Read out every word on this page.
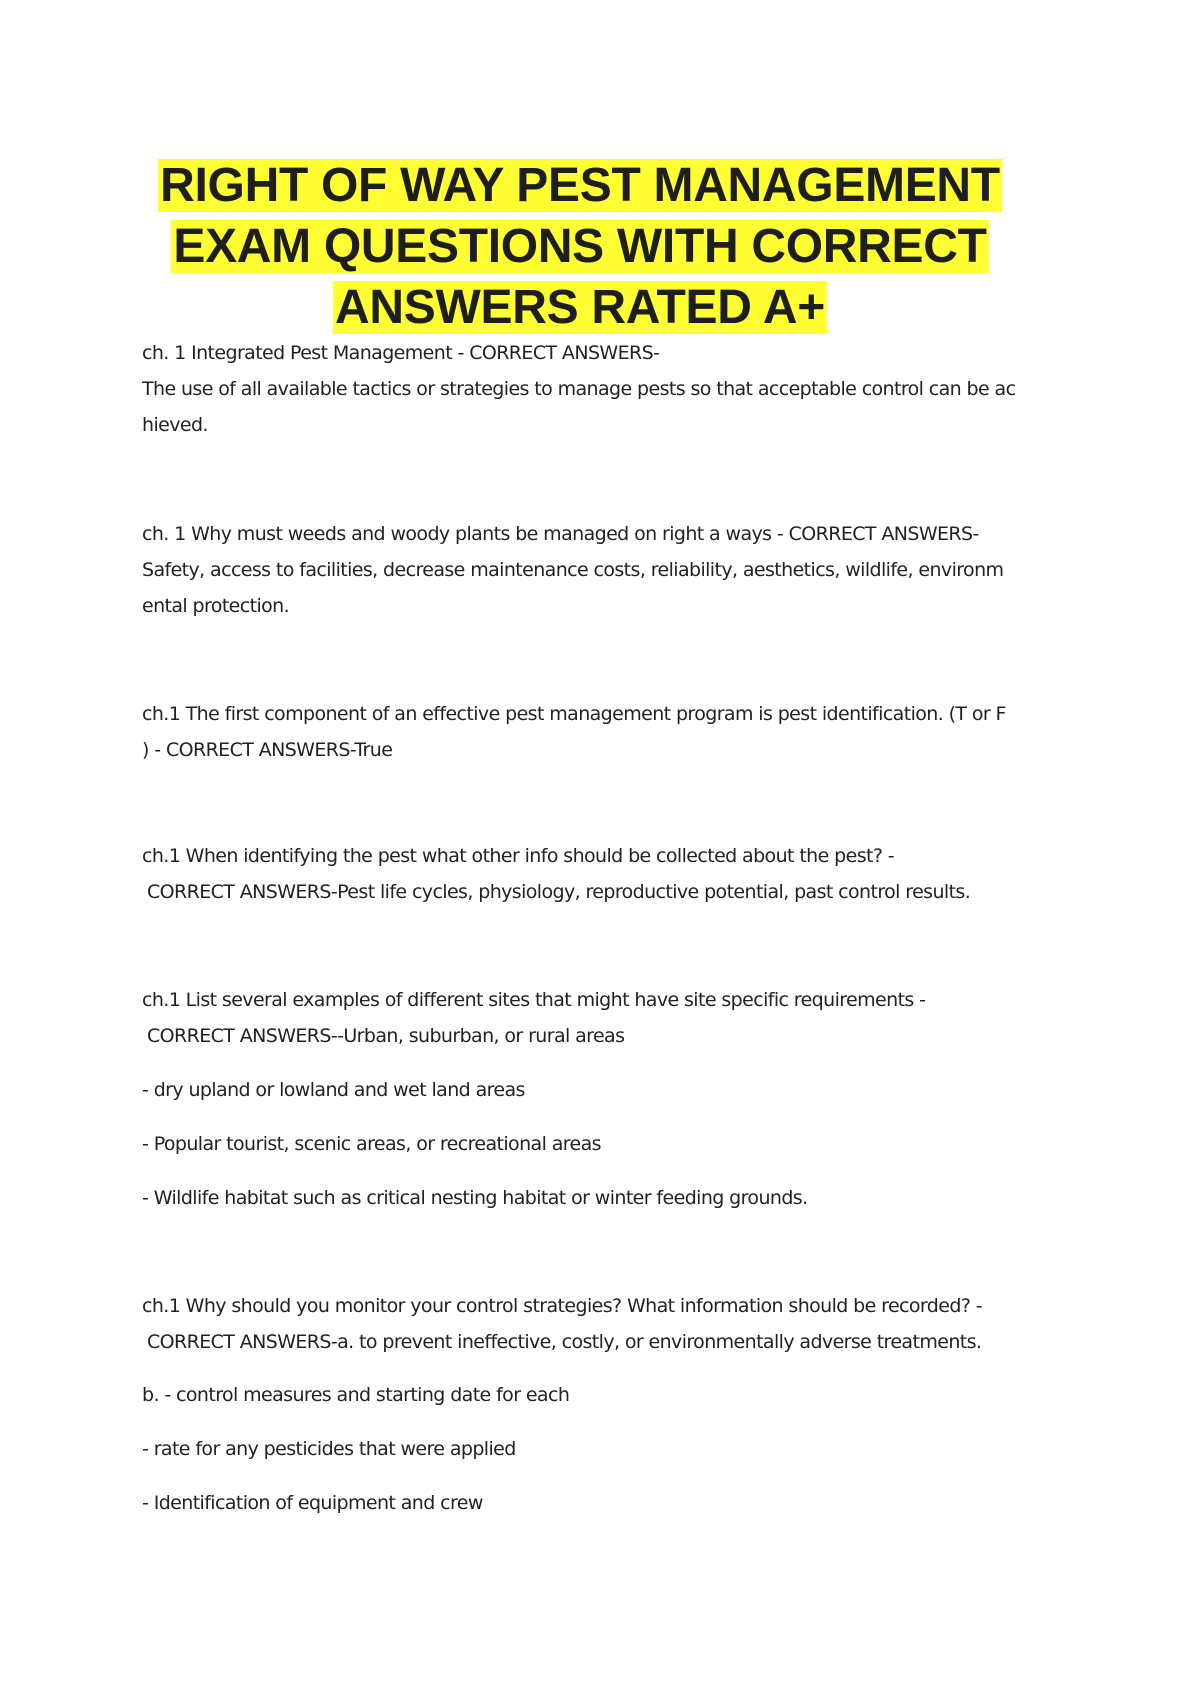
RIGHT OF WAY PEST MANAGEMENT
EXAM QUESTIONS WITH CORRECT
ANSWERS RATED A+
ch. 1 Integrated Pest Management - CORRECT ANSWERS-
The use of all available tactics or strategies to manage pests so that acceptable control can be ac
hieved.
ch. 1 Why must weeds and woody plants be managed on right a ways - CORRECT ANSWERS-
Safety, access to facilities, decrease maintenance costs, reliability, aesthetics, wildlife, environm
ental protection.
ch.1 The first component of an effective pest management program is pest identification. (T or F
) - CORRECT ANSWERS-True
ch.1 When identifying the pest what other info should be collected about the pest? -
CORRECT ANSWERS-Pest life cycles, physiology, reproductive potential, past control results.
ch.1 List several examples of different sites that might have site specific requirements -
CORRECT ANSWERS--Urban, suburban, or rural areas
- dry upland or lowland and wet land areas
- Popular tourist, scenic areas, or recreational areas
- Wildlife habitat such as critical nesting habitat or winter feeding grounds.
ch.1 Why should you monitor your control strategies? What information should be recorded? -
CORRECT ANSWERS-a. to prevent ineffective, costly, or environmentally adverse treatments.
b. - control measures and starting date for each
- rate for any pesticides that were applied
- Identification of equipment and crew
